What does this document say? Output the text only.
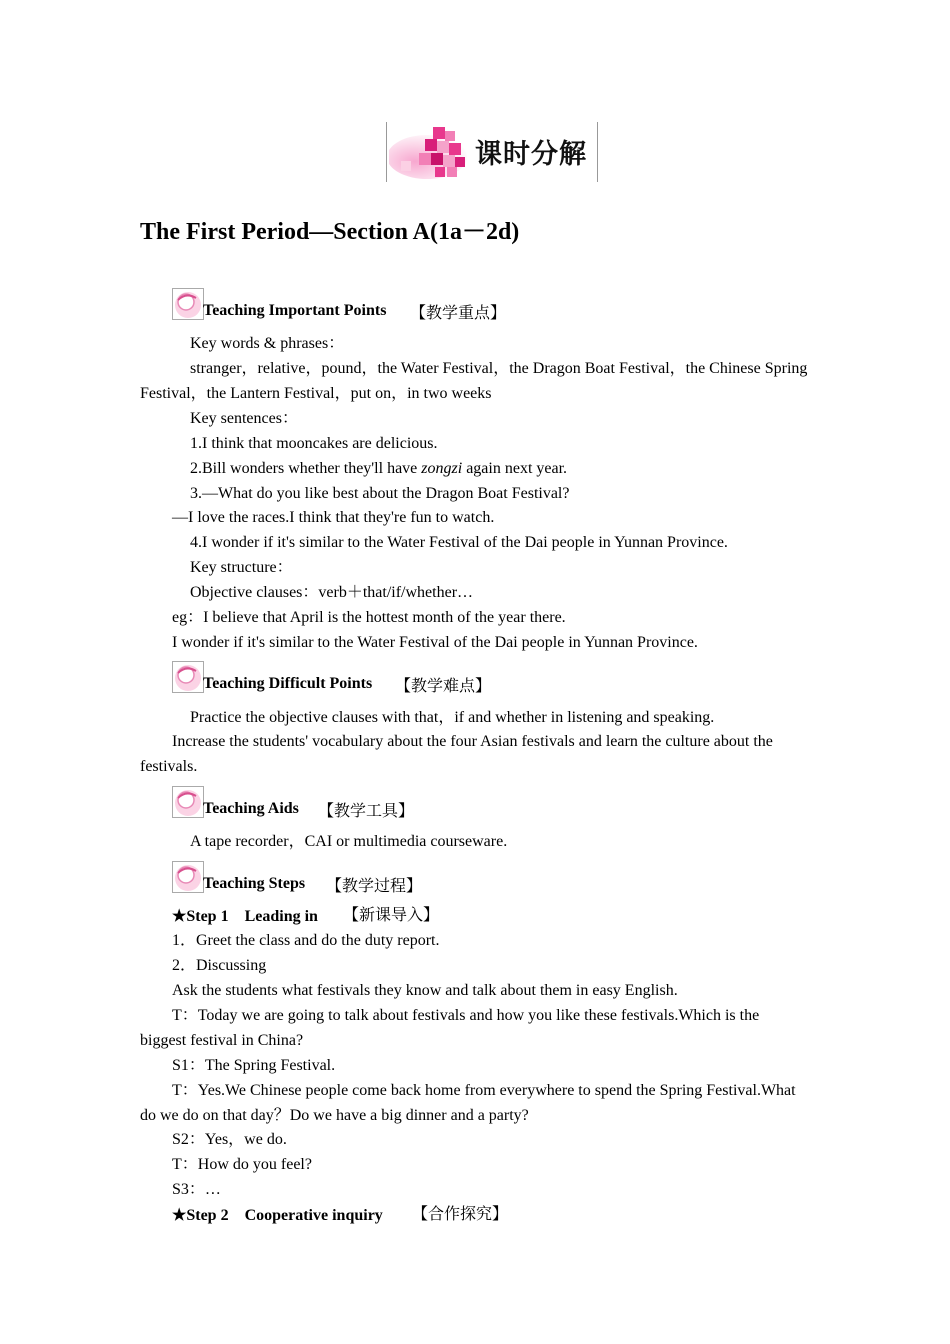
课时分解
The First Period—Section A(1a－2d)
Teaching Important Points 【教学重点】
Key words & phrases：
stranger，relative，pound，the Water Festival，the Dragon Boat Festival，the Chinese Spring
Festival，the Lantern Festival，put on，in two weeks
Key sentences：
1.I think that mooncakes are delicious.
2.Bill wonders whether they'll have zongzi again next year.
3.—What do you like best about the Dragon Boat Festival?
—I love the races.I think that they're fun to watch.
4.I wonder if it's similar to the Water Festival of the Dai people in Yunnan Province.
Key structure：
Objective clauses：verb＋that/if/whether…
eg：I believe that April is the hottest month of the year there.
I wonder if it's similar to the Water Festival of the Dai people in Yunnan Province.
Teaching Difficult Points 【教学难点】
Practice the objective clauses with that，if and whether in listening and speaking.
Increase the students' vocabulary about the four Asian festivals and learn the culture about the
festivals.
Teaching Aids 【教学工具】
A tape recorder，CAI or multimedia courseware.
Teaching Steps 【教学过程】
★Step 1　Leading in 【新课导入】
1．Greet the class and do the duty report.
2．Discussing
Ask the students what festivals they know and talk about them in easy English.
T：Today we are going to talk about festivals and how you like these festivals.Which is the
biggest festival in China?
S1：The Spring Festival.
T：Yes.We Chinese people come back home from everywhere to spend the Spring Festival.What
do we do on that day？Do we have a big dinner and a party?
S2：Yes，we do.
T：How do you feel?
S3：…
★Step 2　Cooperative inquiry 【合作探究】
